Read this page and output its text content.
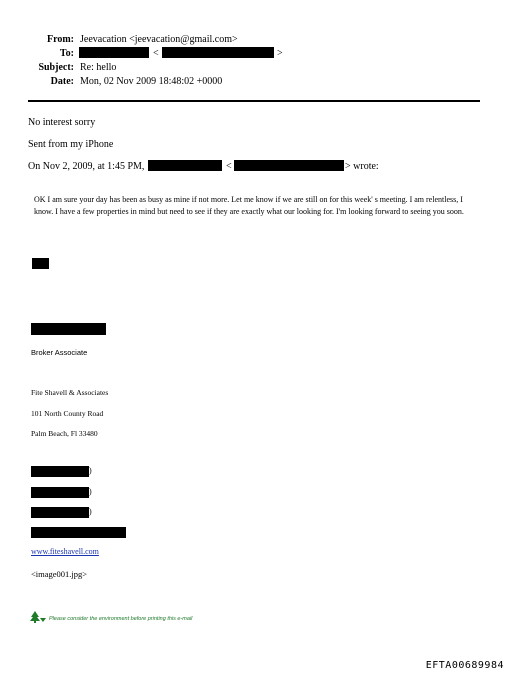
From: Jeevacation <jeevacation@gmail.com>
To:	<	>
Subject: Re: hello
Date: Mon, 02 Nov 2009 18:48:02 +0000
No interest sorry
Sent from my iPhone
On Nov 2, 2009, at 1:45 PM,	<	> wrote:
OK I am sure your day has been as busy as mine if not more. Let me know if we are still on for this week' s meeting. I am relentless, I know. I have a few properties in mind but need to see if they are exactly what our looking for. I'm looking forward to seeing you soon.
Broker Associate
Fite Shavell & Associates
101 North County Road
Palm Beach, Fl 33480
)
)
)
www.fiteshavell.com
<image001.jpg>
Please consider the environment before printing this e-mail
EFTA00689984
